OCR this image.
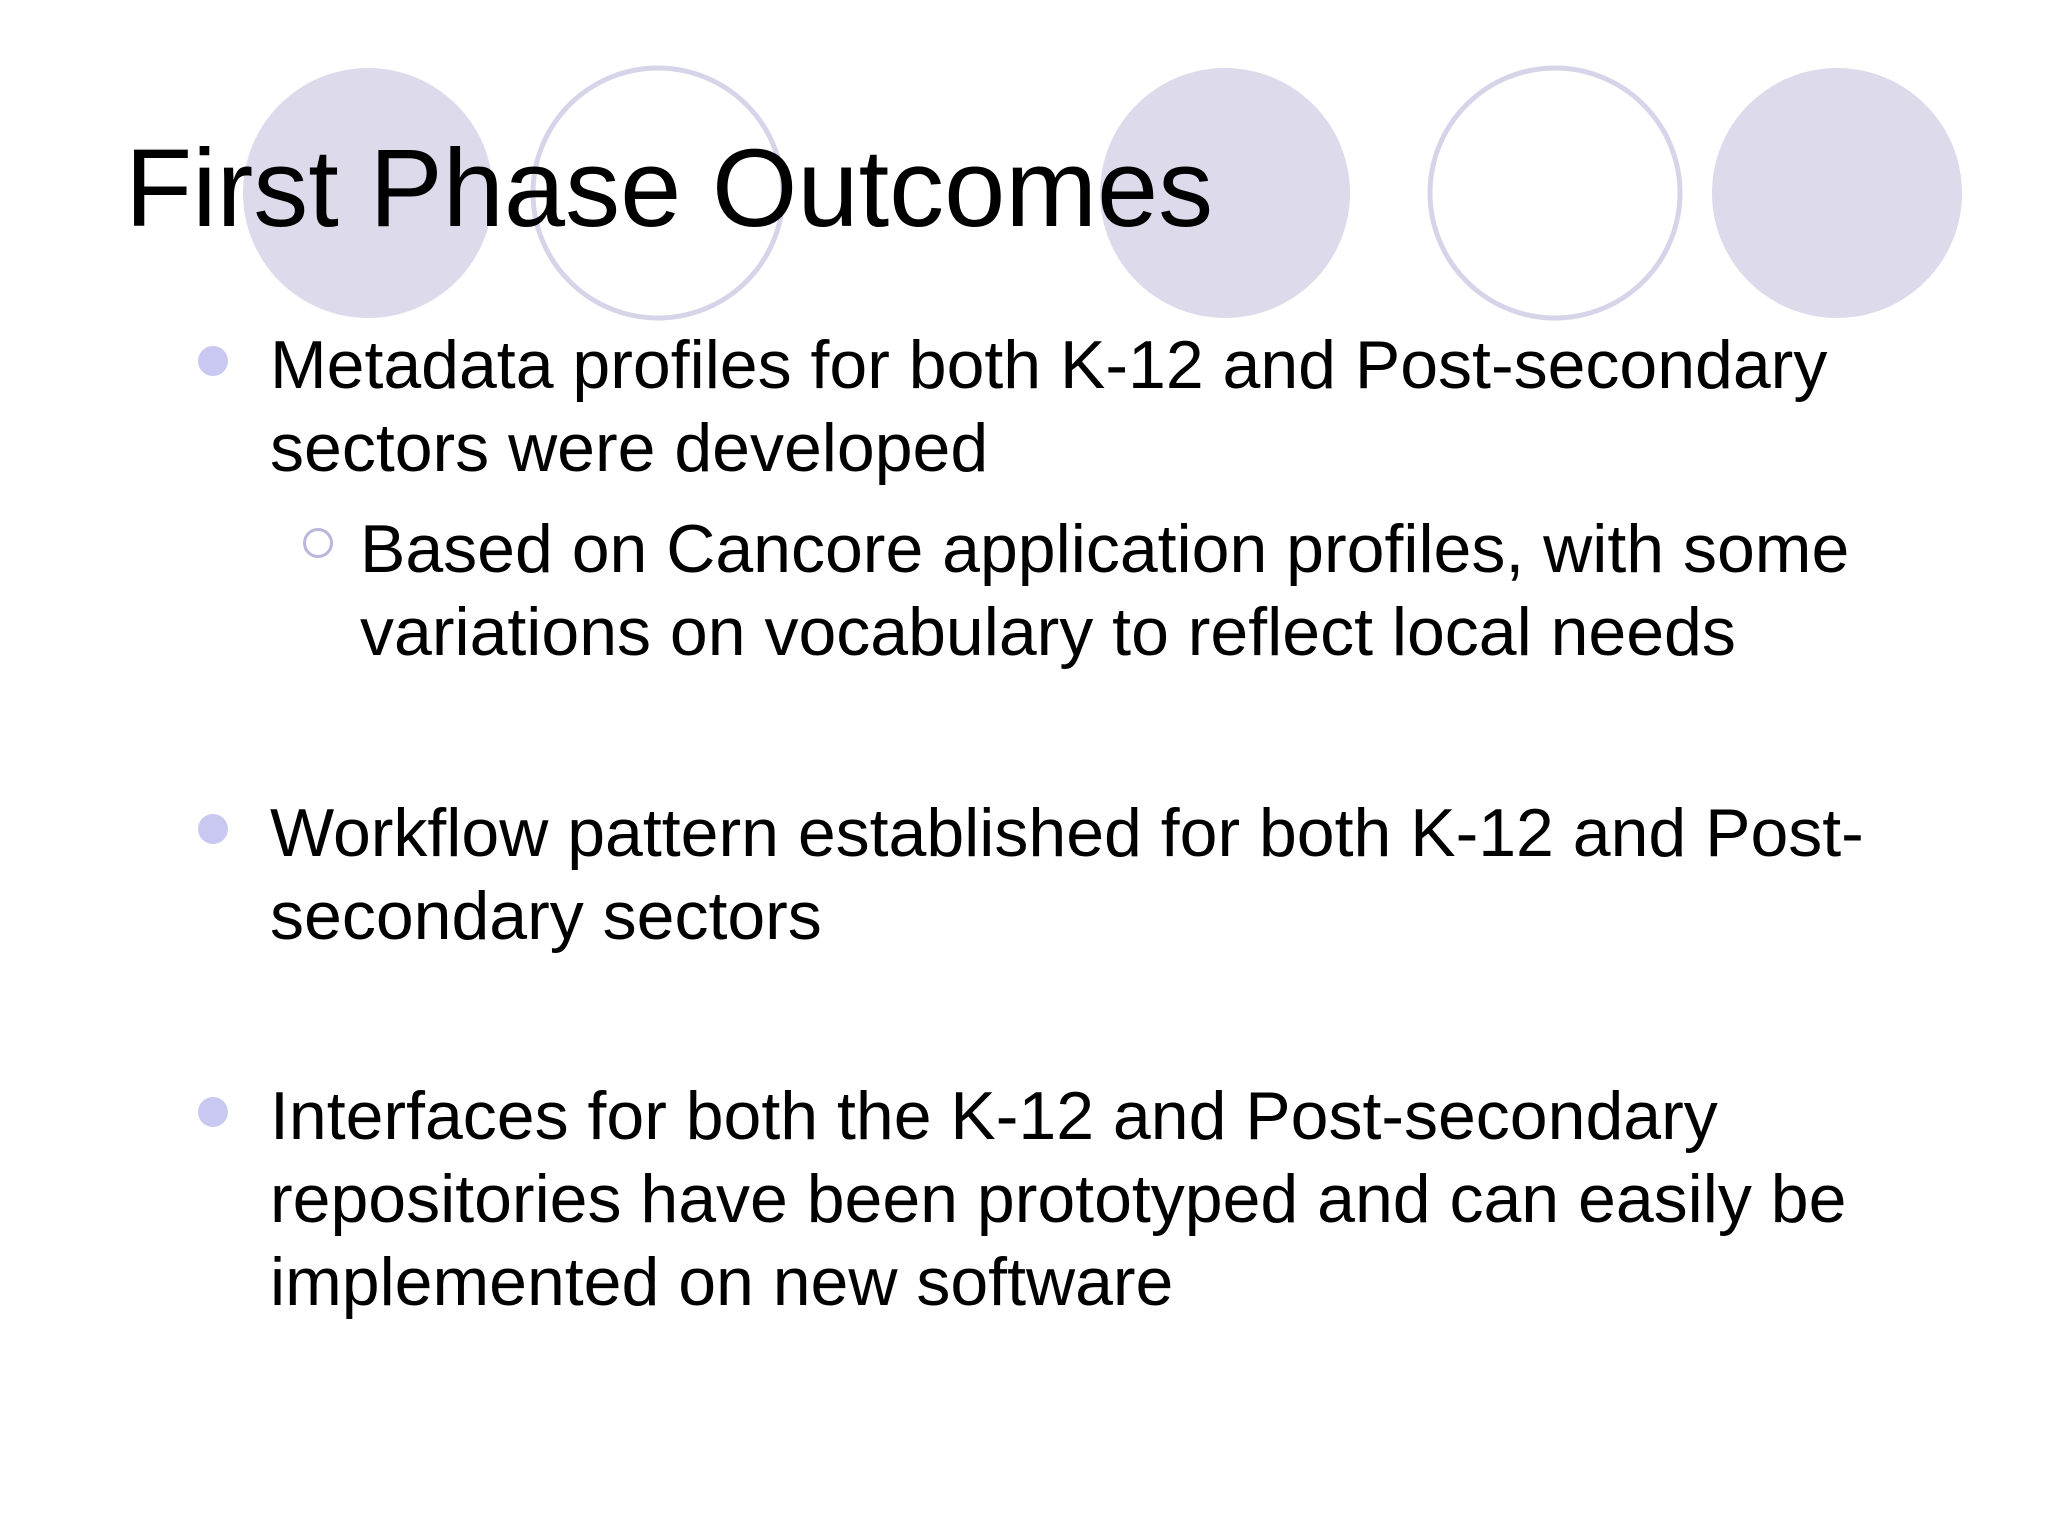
First Phase Outcomes
Metadata profiles for both K-12 and Post-secondary
sectors were developed
Based on Cancore application profiles, with some
variations on vocabulary to reflect local needs
Workflow pattern established for both K-12 and Post-
secondary sectors
Interfaces for both the K-12 and Post-secondary
repositories have been prototyped and can easily be
implemented on new software
